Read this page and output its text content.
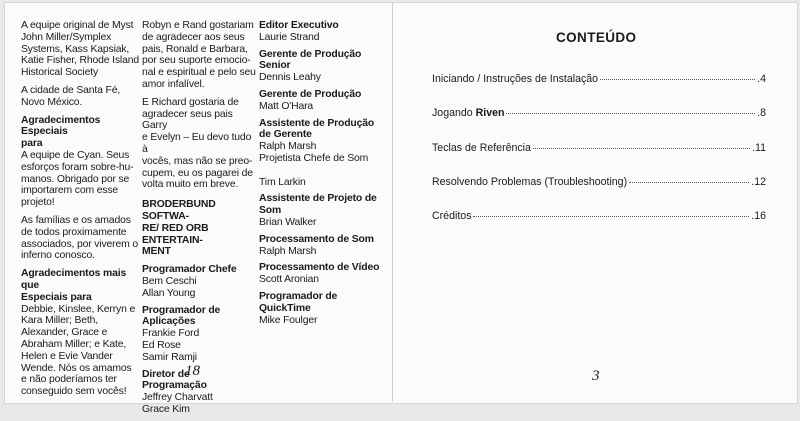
A equipe original de Myst
John Miller/Symplex
Systems, Kass Kapsiak,
Katie Fisher, Rhode Island
Historical Society
A cidade de Santa Fé,
Novo México.
Agradecimentos Especiais
para
A equipe de Cyan. Seus
esforços foram sobre-hu-
manos. Obrigado por se
importarem com esse
projeto!
As famílias e os amados
de todos proximamente
associados, por viverem o
inferno conosco.
Agradecimentos mais que
Especiais para
Debbie, Kinslee, Kerryn e
Kara Miller; Beth,
Alexander, Grace e
Abraham Miller; e Kate,
Helen e Evie Vander
Wende. Nós os amamos
e não poderíamos ter
conseguido sem vocês!
Robyn e Rand gostariam
de agradecer aos seus
pais, Ronald e Barbara,
por seu suporte emocio-
nal e espiritual e pelo seu
amor infalível.
E Richard gostaria de
agradecer seus pais Garry
e Evelyn – Eu devo tudo à
vocês, mas não se preo-
cupem, eu os pagarei de
volta muito em breve.
BRODERBUND SOFTWA-
RE/ RED ORB ENTERTAIN-
MENT
Programador Chefe
Bem Ceschi
Allan Young
Programador de
Aplicações
Frankie Ford
Ed Rose
Samir Ramji
Diretor de Programação
Jeffrey Charvatt
Grace Kim
Editor Executivo
Laurie Strand
Gerente de Produção
Senior
Dennis Leahy
Gerente de Produção
Matt O'Hara
Assistente de Produção
de Gerente
Ralph Marsh
Projetista Chefe de Som

Tim Larkin
Assistente de Projeto de
Som
Brian Walker
Processamento de Som
Ralph Marsh
Processamento de Vídeo
Scott Aronian
Programador de
QuickTime
Mike Foulger
18
CONTEÚDO
Iniciando / Instruções de Instalação	.4
Jogando Riven	.8
Teclas de Referência	.11
Resolvendo Problemas (Troubleshooting)	.12
Créditos	.16
3
